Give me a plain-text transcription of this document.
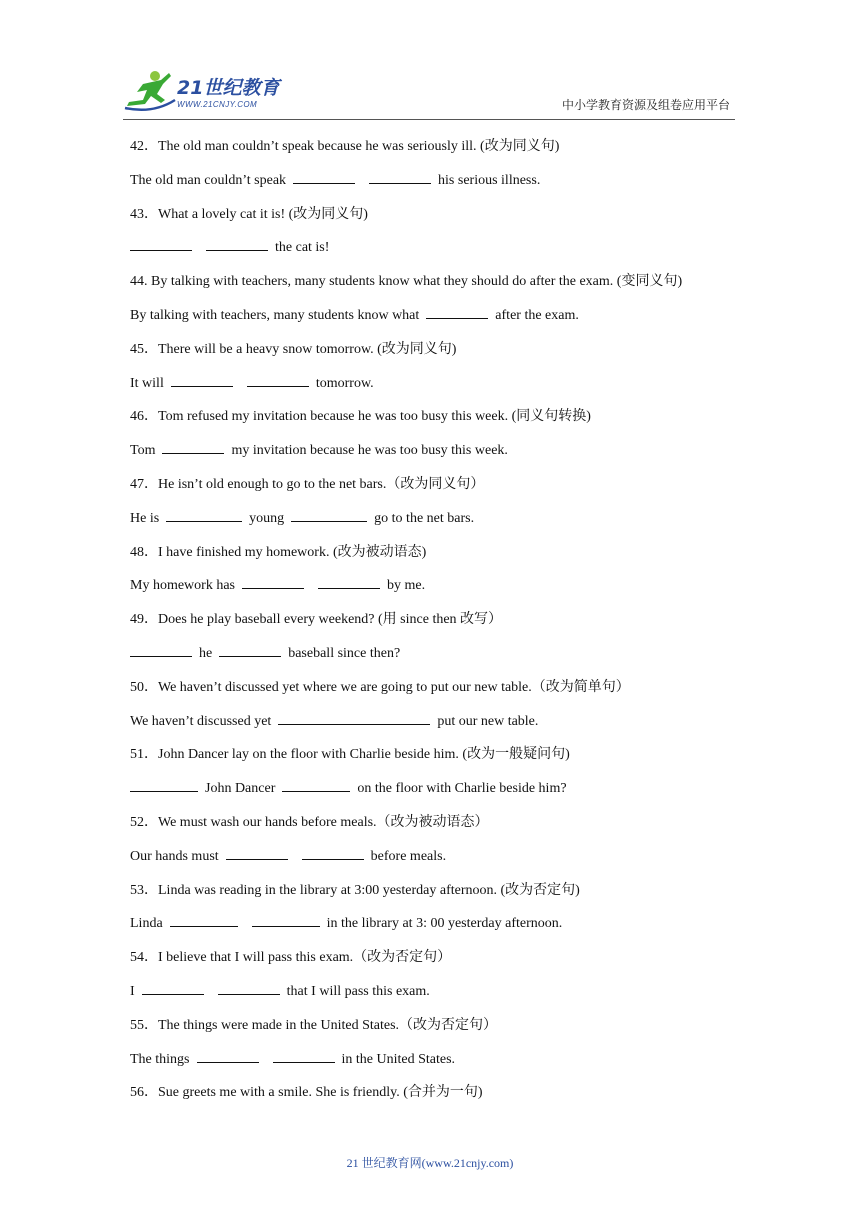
21世纪教育
WWW.21CNJY.COM	中小学教育资源及组卷应用平台
42．The old man couldn’t speak because he was seriously ill. (改为同义句)
The old man couldn’t speak	his serious illness.
43．What a lovely cat it is! (改为同义句)
the cat is!
44. By talking with teachers, many students know what they should do after the exam. (变同义句)
By talking with teachers, many students know what	after the exam.
45．There will be a heavy snow tomorrow. (改为同义句)
It will	tomorrow.
46．Tom refused my invitation because he was too busy this week. (同义句转换)
Tom	my invitation because he was too busy this week.
47．He isn’t old enough to go to the net bars.（改为同义句）
He is	young	go to the net bars.
48．I have finished my homework. (改为被动语态)
My homework has	by me.
49．Does he play baseball every weekend? (用 since then 改写）
he	baseball since then?
50．We haven’t discussed yet where we are going to put our new table.（改为简单句）
We haven’t discussed yet	put our new table.
51．John Dancer lay on the floor with Charlie beside him. (改为一般疑问句)
John Dancer	on the floor with Charlie beside him?
52．We must wash our hands before meals.（改为被动语态）
Our hands must	before meals.
53．Linda was reading in the library at 3:00 yesterday afternoon. (改为否定句)
Linda	in the library at 3: 00 yesterday afternoon.
54．I believe that I will pass this exam.（改为否定句）
I	that I will pass this exam.
55．The things were made in the United States.（改为否定句）
The things	in the United States.
56．Sue greets me with a smile. She is friendly. (合并为一句)
21 世纪教育网(www.21cnjy.com)
